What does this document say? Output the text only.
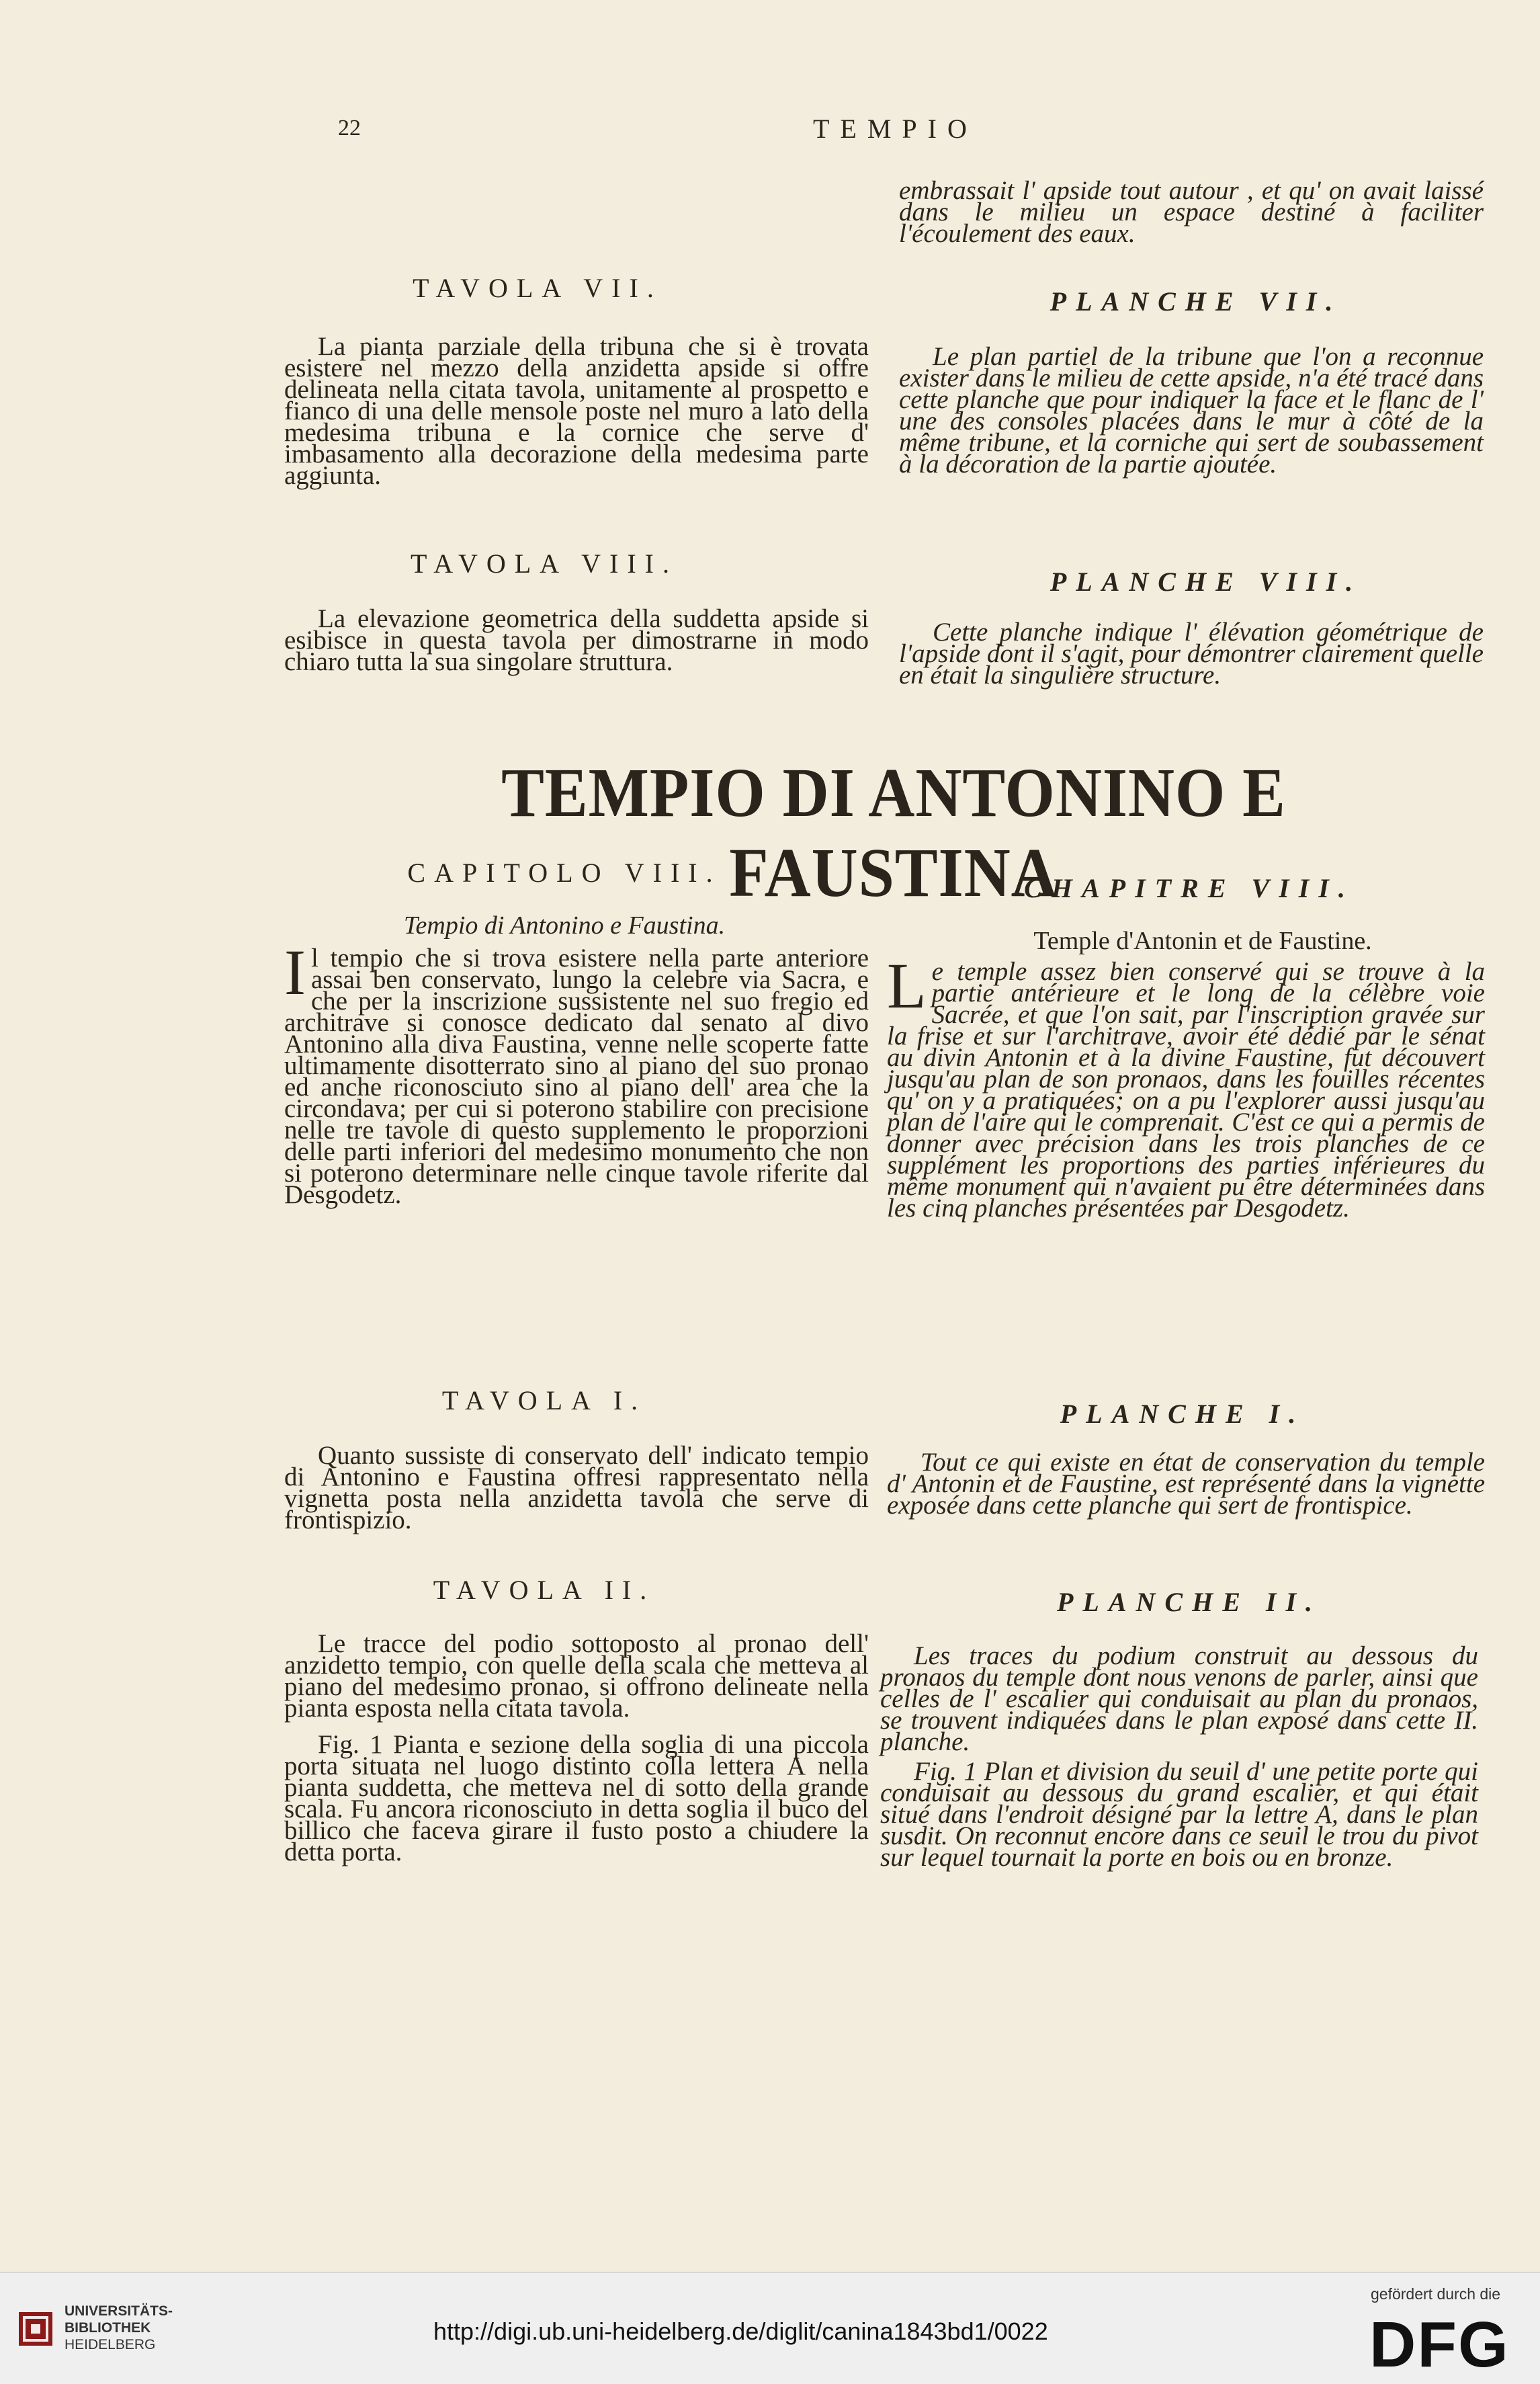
22	TEMPIO

embrassait l' apside tout autour , et qu' on avait laissé dans le milieu un espace destiné à faciliter l'écoulement des eaux.

TAVOLA VII.	PLANCHE VII.

La pianta parziale della tribuna che si è trovata esistere nel mezzo della anzidetta apside si offre delineata nella citata tavola, unitamente al prospetto e fianco di una delle mensole poste nel muro a lato della medesima tribuna e la cornice che serve d' imbasamento alla decorazione della medesima parte aggiunta.

Le plan partiel de la tribune que l'on a reconnue exister dans le milieu de cette apside, n'a été tracé dans cette planche que pour indiquer la face et le flanc de l' une des consoles placées dans le mur à côté de la même tribune, et la corniche qui sert de soubassement à la décoration de la partie ajoutée.

TAVOLA VIII.
PLANCHE VIII.

La elevazione geometrica della suddetta apside si esibisce in questa tavola per dimostrarne in modo chiaro tutta la sua singolare struttura.

Cette planche indique l' élévation géométrique de l'apside dont il s'agit, pour démontrer clairement quelle en était la singulière structure.

TEMPIO DI ANTONINO E FAUSTINA
CAPITOLO VIII.
CHAPITRE VIII.
Tempio di Antonino e Faustina.
Temple d'Antonin et de Faustine.

Il tempio che si trova esistere nella parte anteriore assai ben conservato, lungo la celebre via Sacra, e che per la inscrizione sussistente nel suo fregio ed architrave si conosce dedicato dal senato al divo Antonino alla diva Faustina, venne nelle scoperte fatte ultimamente disotterrato sino al piano del suo pronao ed anche riconosciuto sino al piano dell' area che la circondava; per cui si poterono stabilire con precisione nelle tre tavole di questo supplemento le proporzioni delle parti inferiori del medesimo monumento che non si poterono determinare nelle cinque tavole riferite dal Desgodetz.

Le temple assez bien conservé qui se trouve à la partie antérieure et le long de la célèbre voie Sacrée, et que l'on sait, par l'inscription gravée sur la frise et sur l'architrave, avoir été dédié par le sénat au divin Antonin et à la divine Faustine, fut découvert jusqu'au plan de son pronaos, dans les fouilles récentes qu' on y a pratiquées; on a pu l'explorer aussi jusqu'au plan de l'aire qui le comprenait. C'est ce qui a permis de donner avec précision dans les trois planches de ce supplément les proportions des parties inférieures du même monument qui n'avaient pu être déterminées dans les cinq planches présentées par Desgodetz.

TAVOLA I.	PLANCHE I.

Quanto sussiste di conservato dell' indicato tempio di Antonino e Faustina offresi rappresentato nella vignetta posta nella anzidetta tavola che serve di frontispizio.

Tout ce qui existe en état de conservation du temple d' Antonin et de Faustine, est représenté dans la vignette exposée dans cette planche qui sert de frontispice.

TAVOLA II.	PLANCHE II.

Le tracce del podio sottoposto al pronao dell' anzidetto tempio, con quelle della scala che metteva al piano del medesimo pronao, si offrono delineate nella pianta esposta nella citata tavola.

Fig. 1 Pianta e sezione della soglia di una piccola porta situata nel luogo distinto colla lettera A nella pianta suddetta, che metteva nel di sotto della grande scala. Fu ancora riconosciuto in detta soglia il buco del billico che faceva girare il fusto posto a chiudere la detta porta.

Les traces du podium construit au dessous du pronaos du temple dont nous venons de parler, ainsi que celles de l' escalier qui conduisait au plan du pronaos, se trouvent indiquées dans le plan exposé dans cette II. planche.

Fig. 1 Plan et division du seuil d' une petite porte qui conduisait au dessous du grand escalier, et qui était situé dans l'endroit désigné par la lettre A, dans le plan susdit. On reconnut encore dans ce seuil le trou du pivot sur lequel tournait la porte en bois ou en bronze.

UNIVERSITÄTS-
BIBLIOTHEK
HEIDELBERG	http://digi.ub.uni-heidelberg.de/diglit/canina1843bd1/0022
gefördert durch die
DFG
